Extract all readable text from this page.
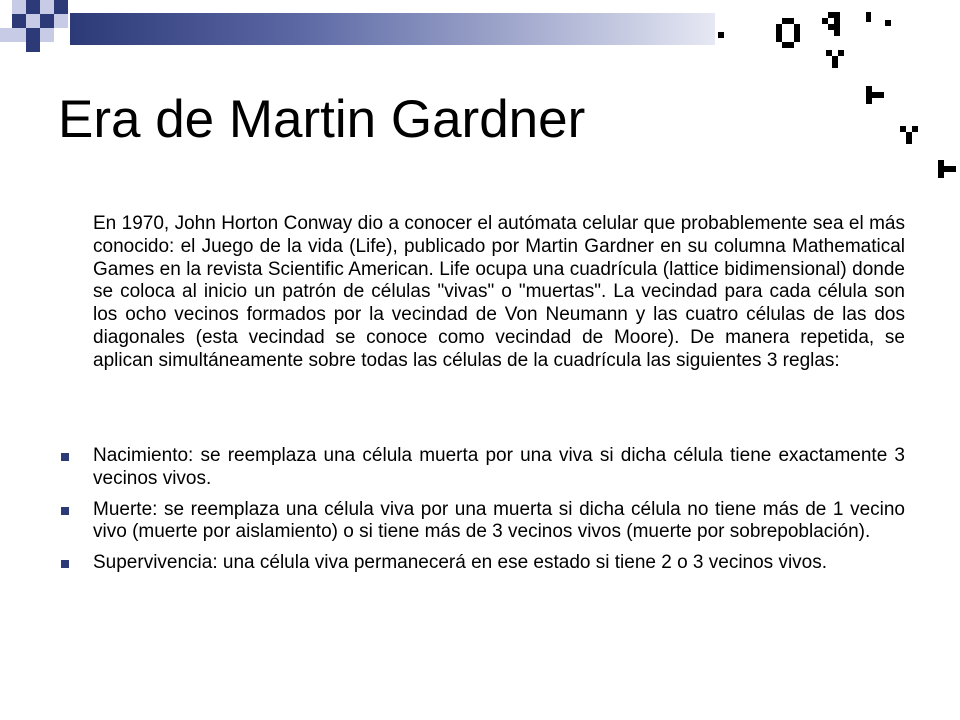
Era de Martin Gardner
En 1970, John Horton Conway dio a conocer el autómata celular que probablemente sea el más conocido: el Juego de la vida (Life), publicado por Martin Gardner en su columna Mathematical Games en la revista Scientific American. Life ocupa una cuadrícula (lattice bidimensional) donde se coloca al inicio un patrón de células "vivas" o "muertas". La vecindad para cada célula son los ocho vecinos formados por la vecindad de Von Neumann y las cuatro células de las dos diagonales (esta vecindad se conoce como vecindad de Moore). De manera repetida, se aplican simultáneamente sobre todas las células de la cuadrícula las siguientes 3 reglas:
Nacimiento: se reemplaza una célula muerta por una viva si dicha célula tiene exactamente 3 vecinos vivos.
Muerte: se reemplaza una célula viva por una muerta si dicha célula no tiene más de 1 vecino vivo (muerte por aislamiento) o si tiene más de 3 vecinos vivos (muerte por sobrepoblación).
Supervivencia: una célula viva permanecerá en ese estado si tiene 2 o 3 vecinos vivos.
